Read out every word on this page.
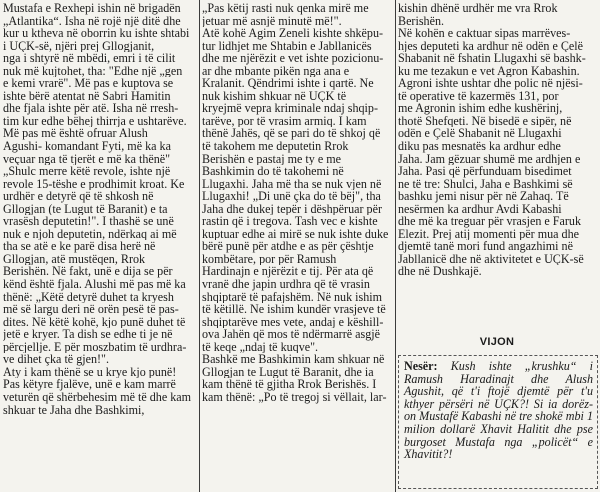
Mustafa e Rexhepi ishin në brigadën
„Atlantika“. Isha në rojë një ditë dhe
kur u ktheva në oborrin ku ishte shtabi
i UÇK-së, njëri prej Gllogjanit,
nga i shtyrë në mbëdi, emri i të cilit
nuk më kujtohet, tha: "Edhe një „gen
e kemi vrarë". Më pas e kuptova se
ishte bërë atentat në Sabri Hamitin
dhe fjala ishte për atë. Isha në rresh-
tim kur edhe bëhej thirrja e ushtarëve.
Më pas më është ofruar Alush
Agushi- komandant Fyti, më ka ka
veçuar nga të tjerët e më ka thënë"
„Shulc merre këtë revole, ishte një
revole 15-tëshe e prodhimit kroat. Ke
urdhër e detyrë që të shkosh në
Gllogjan (te Lugut të Baranit) e ta
vrasësh deputetin!". I thashë se unë
nuk e njoh deputetin, ndërkaq ai më
tha se atë e ke parë disa herë në
Gllogjan, atë mustëqen, Rrok
Berishën. Në fakt, unë e dija se për
kënd është fjala. Alushi më pas më ka
thënë: „Këtë detyrë duhet ta kryesh
më së largu deri në orën pesë të pas-
dites. Në këtë kohë, kjo punë duhet të
jetë e kryer. Ta dish se edhe ti je në
përcjellje. E për moszbatim të urdhra-
ve dihet çka të gjen!".
Aty i kam thënë se u krye kjo punë!
Pas këtyre fjalëve, unë e kam marrë
veturën që shërbehesim më të dhe kam
shkuar te Jaha dhe Bashkimi,
„Pas këtij rasti nuk qenka mirë me
jetuar më asnjë minutë më!".
Atë kohë Agim Zeneli kishte shkëpu-
tur lidhjet me Shtabin e Jabllanicës
dhe me njërëzit e vet ishte pozicionu-
ar dhe mbante pikën nga ana e
Kralanit. Qëndrimi ishte i qartë. Ne
nuk kishim shkuar në UÇK të
kryejmë vepra kriminale ndaj shqip-
tarëve, por të vrasim armiq. I kam
thënë Jahës, që se pari do të shkoj që
të takohem me deputetin Rrok
Berishën e pastaj me ty e me
Bashkimin do të takohemi në
Llugaxhi. Jaha më tha se nuk vjen në
Llugaxhi! „Di unë çka do të bëj", tha
Jaha dhe dukej tepër i dëshpëruar për
rastin që i tregova. Tash vec e kishte
kuptuar edhe ai mirë se nuk ishte duke
bërë punë për atdhe e as për çështje
kombëtare, por për Ramush
Hardinajn e njërëzit e tij. Për ata që
vranë dhe japin urdhra që të vrasin
shqiptarë të pafajshëm. Në nuk ishim
të këtillë. Ne ishim kundër vrasjeve të
shqiptarëve mes vete, andaj e këshill-
ova Jahën që mos të ndërmarrë asgjë
të keqe „ndaj të kuqve".
Bashkë me Bashkimin kam shkuar në
Gllogjan te Lugut të Baranit, dhe ia
kam thënë të gjitha Rrok Berishës. I
kam thënë: „Po të tregoj si vëllait, lar-
kishin dhënë urdhër me vra Rrok
Berishën.
Në kohën e caktuar sipas marrëves-
hjes deputeti ka ardhur në odën e Çelë
Shabanit në fshatin Llugaxhi së bashk-
ku me tezakun e vet Agron Kabashin.
Agroni ishte ushtar dhe polic në njësi-
të operative të kazermës 131, por
me Agronin ishim edhe kushërinj,
thotë Shefqeti. Në bisedë e sipër, në
odën e Çelë Shabanit në Llugaxhi
diku pas mesnatës ka ardhur edhe
Jaha. Jam gëzuar shumë me ardhjen e
Jaha. Pasi që përfunduam bisedimet
ne të tre: Shulci, Jaha e Bashkimi së
bashku jemi nisur për në Zahaq. Të
nesërmen ka ardhur Avdi Kabashi
dhe më ka treguar për vrasjen e Faruk
Elezit. Prej atij momenti për mua dhe
djemtë tanë mori fund angazhimi në
Jabllanicë dhe në aktivitetet e UÇK-së
dhe në Dushkajë.
VIJON
Nesër: Kush ishte „krushku“ i Ramush Haradinajt dhe Alush Agushit, që t'i ftojë djemtë për t'u kthyer përsëri në UÇK?! Si ia dorëz- on Mustafë Kabashi në tre shokë mbi 1 milion dollarë Xhavit Halitit dhe pse burgoset Mustafa nga „policët“ e Xhavitit?!
